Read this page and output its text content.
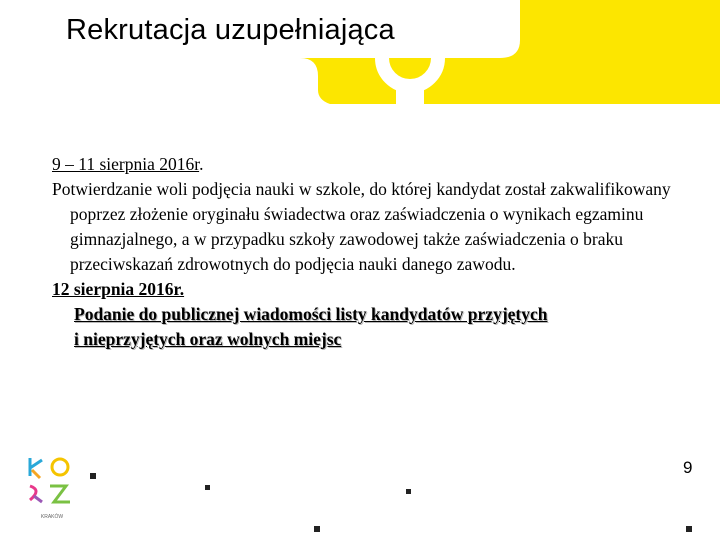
Rekrutacja uzupełniająca

9 – 11 sierpnia 2016r.

Potwierdzanie woli podjęcia nauki w szkole, do której kandydat został zakwalifikowany poprzez złożenie oryginału świadectwa oraz zaświadczenia o wynikach egzaminu gimnazjalnego, a w przypadku szkoły zawodowej także zaświadczenia o braku przeciwskazań zdrowotnych do podjęcia nauki danego zawodu.

12 sierpnia 2016r.

Podanie do publicznej wiadomości listy kandydatów przyjętych

i nieprzyjętych oraz wolnych miejsc

KRAKÓW
9
